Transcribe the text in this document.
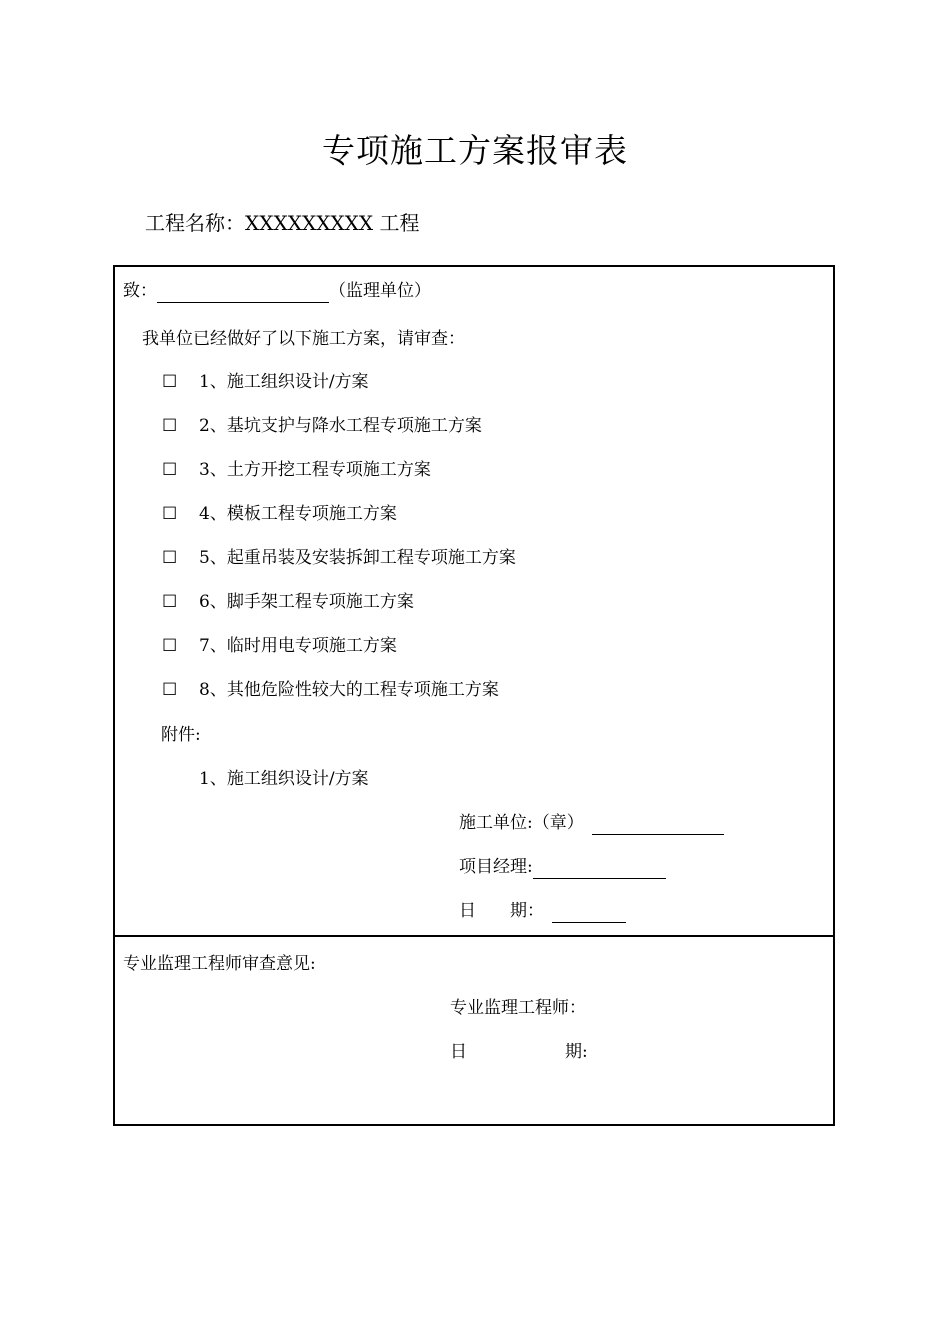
专项施工方案报审表
工程名称：XXXXXXXXX 工程
致：	（监理单位）
我单位已经做好了以下施工方案，请审查：
☐ 1、施工组织设计/方案
☐ 2、基坑支护与降水工程专项施工方案
☐ 3、土方开挖工程专项施工方案
☐ 4、模板工程专项施工方案
☐ 5、起重吊装及安装拆卸工程专项施工方案
☐ 6、脚手架工程专项施工方案
☐ 7、临时用电专项施工方案
☐ 8、其他危险性较大的工程专项施工方案
附件:
1、施工组织设计/方案
施工单位:（章）
项目经理:
日　　期：
专业监理工程师审查意见:
专业监理工程师：
日	期:
